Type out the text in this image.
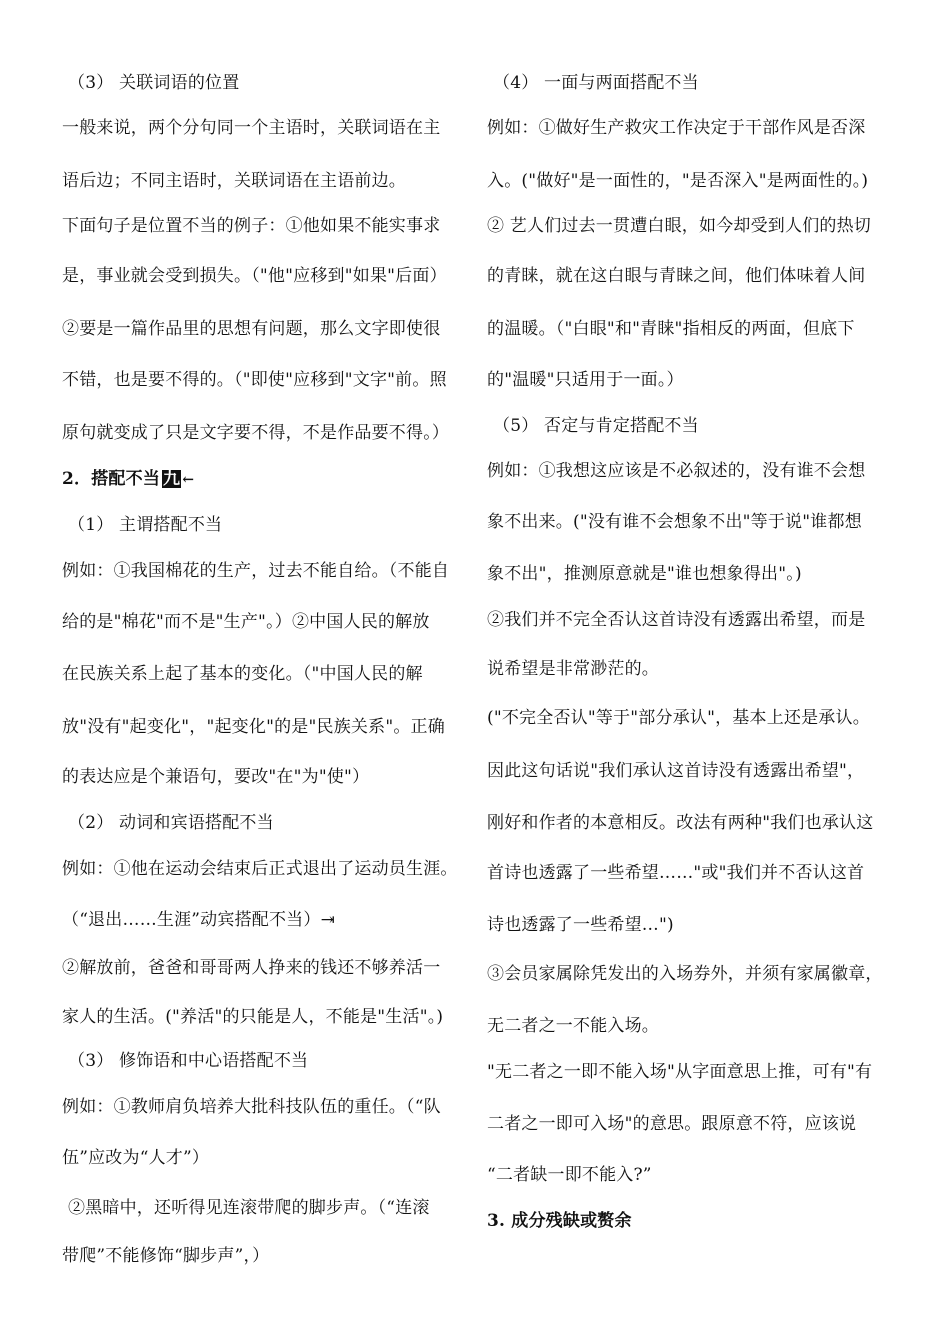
（3） 关联词语的位置
一般来说，两个分句同一个主语时，关联词语在主
语后边；不同主语时，关联词语在主语前边。
下面句子是位置不当的例子：①他如果不能实事求
是，事业就会受到损失。（"他"应移到"如果"后面）
②要是一篇作品里的思想有问题，那么文字即使很
不错，也是要不得的。（"即使"应移到"文字"前。照
原句就变成了只是文字要不得，不是作品要不得。）
2．搭配不当 九 ←
（1） 主谓搭配不当
例如：①我国棉花的生产，过去不能自给。（不能自
给的是"棉花"而不是"生产"。）②中国人民的解放
在民族关系上起了基本的变化。（"中国人民的解
放"没有"起变化"，"起变化"的是"民族关系"。正确
的表达应是个兼语句，要改"在"为"使"）
（2） 动词和宾语搭配不当
例如：①他在运动会结束后正式退出了运动员生涯。
（“退出……生涯”动宾搭配不当）⇥
②解放前，爸爸和哥哥两人挣来的钱还不够养活一
家人的生活。("养活"的只能是人，不能是"生活"。)
（3） 修饰语和中心语搭配不当
例如：①教师肩负培养大批科技队伍的重任。（“队
伍”应改为“人才”）
②黑暗中，还听得见连滚带爬的脚步声。（“连滚
带爬”不能修饰“脚步声”，）
（4） 一面与两面搭配不当
例如：①做好生产救灾工作决定于干部作风是否深
入。("做好"是一面性的，"是否深入"是两面性的。)
② 艺人们过去一贯遭白眼，如今却受到人们的热切
的青睐，就在这白眼与青睐之间，他们体味着人间
的温暖。（"白眼"和"青睐"指相反的两面，但底下
的"温暖"只适用于一面。）
（5） 否定与肯定搭配不当
例如：①我想这应该是不必叙述的，没有谁不会想
象不出来。("没有谁不会想象不出"等于说"谁都想
象不出"，推测原意就是"谁也想象得出"。)
②我们并不完全否认这首诗没有透露出希望，而是
说希望是非常渺茫的。
("不完全否认"等于"部分承认"，基本上还是承认。
因此这句话说"我们承认这首诗没有透露出希望"，
刚好和作者的本意相反。改法有两种"我们也承认这
首诗也透露了一些希望……"或"我们并不否认这首
诗也透露了一些希望…")
③会员家属除凭发出的入场券外，并须有家属徽章，
无二者之一不能入场。
"无二者之一即不能入场"从字面意思上推，可有"有
二者之一即可入场"的意思。跟原意不符，应该说
“二者缺一即不能入?”
3. 成分残缺或赘余
